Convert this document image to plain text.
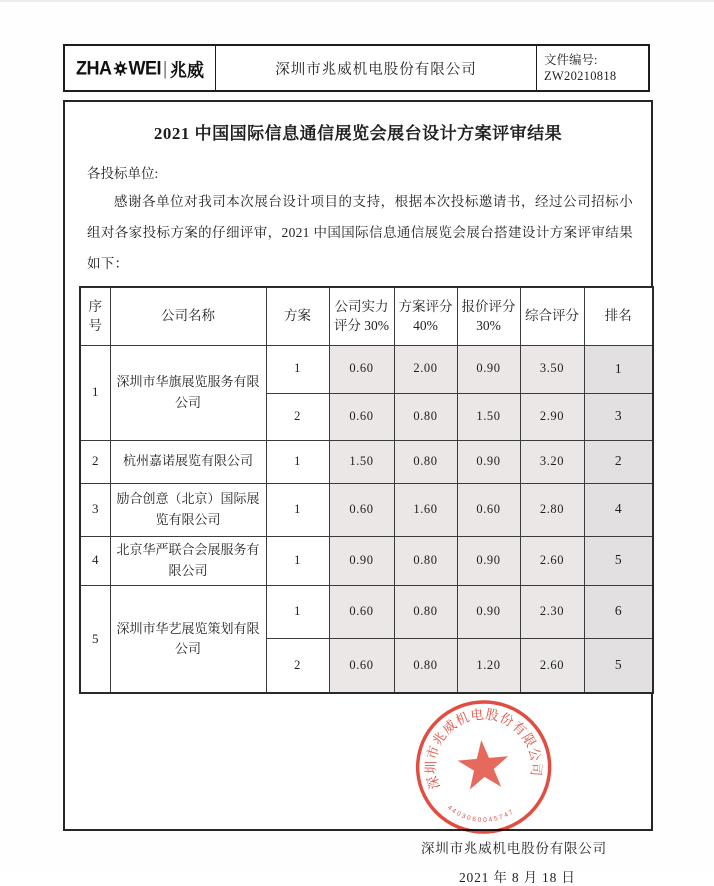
ZHA WEI | 兆威	深圳市兆威机电股份有限公司
文件编号:
ZW20210818
2021 中国国际信息通信展览会展台设计方案评审结果
各投标单位:
感谢各单位对我司本次展台设计项目的支持，根据本次投标邀请书，经过公司招标小组对各家投标方案的仔细评审，2021 中国国际信息通信展览会展台搭建设计方案评审结果如下：
序号	公司名称	方案	公司实力评分 30%	方案评分 40%	报价评分 30%	综合评分	排名
1	深圳市华旗展览服务有限公司	1	0.60	2.00	0.90	3.50	1
		2	0.60	0.80	1.50	2.90	3
2	杭州嘉诺展览有限公司	1	1.50	0.80	0.90	3.20	2
3	励合创意（北京）国际展览有限公司	1	0.60	1.60	0.60	2.80	4
4	北京华严联合会展服务有限公司	1	0.90	0.80	0.90	2.60	5
5	深圳市华艺展览策划有限公司	1	0.60	0.80	0.90	2.30	6
		2	0.60	0.80	1.20	2.60	5
深圳市兆威机电股份有限公司
2021 年 8 月 18 日
深圳市兆威机电股份有限公司
4403060045747
